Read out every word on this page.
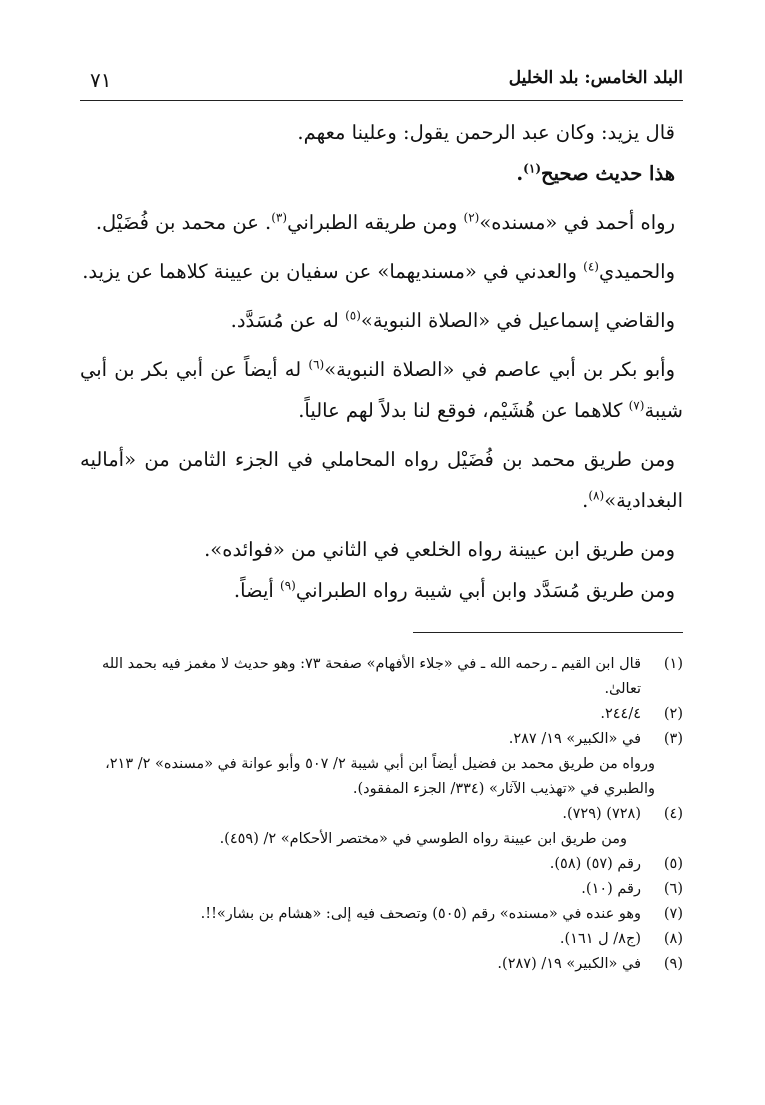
البلد الخامس: بلد الخليل
٧١

قال يزيد: وكان عبد الرحمن يقول: وعلينا معهم.

هذا حديث صحيح$^{(١)}$.

رواه أحمد في «مسنده»$^{(٢)}$ ومن طريقه الطبراني$^{(٣)}$. عن محمد بن فُضَيْل.

والحميدي$^{(٤)}$ والعدني في «مسنديهما» عن سفيان بن عيينة كلاهما عن يزيد.

والقاضي إسماعيل في «الصلاة النبوية»$^{(٥)}$ له عن مُسَدَّد.

وأبو بكر بن أبي عاصم في «الصلاة النبوية»$^{(٦)}$ له أيضاً عن أبي بكر بن أبي شيبة$^{(٧)}$ كلاهما عن هُشَيْم، فوقع لنا بدلاً لهم عالياً.

ومن طريق محمد بن فُضَيْل رواه المحاملي في الجزء الثامن من «أماليه البغدادية»$^{(٨)}$.

ومن طريق ابن عيينة رواه الخلعي في الثاني من «فوائده».

ومن طريق مُسَدَّد وابن أبي شيبة رواه الطبراني$^{(٩)}$ أيضاً.

(١)
قال ابن القيم ـ رحمه الله ـ في «جلاء الأفهام» صفحة ٧٣: وهو حديث لا مغمز فيه بحمد الله تعالىٰ.
(٢)
٢٤٤/٤.
(٣)
في «الكبير» ١٩/ ٢٨٧.
ورواه من طريق محمد بن فضيل أيضاً ابن أبي شيبة ٢/ ٥٠٧ وأبو عوانة في «مسنده» ٢/ ٢١٣، والطبري في «تهذيب الآثار» (٣٣٤/ الجزء المفقود).
(٤)
(٧٢٨) (٧٢٩).
ومن طريق ابن عيينة رواه الطوسي في «مختصر الأحكام» ٢/ (٤٥٩).
(٥)
رقم (٥٧) (٥٨).
(٦)
رقم (١٠).
(٧)
وهو عنده في «مسنده» رقم (٥٠٥) وتصحف فيه إلى: «هشام بن بشار»!!.
(٨)
(ج٨/ ل ١٦١).
(٩)
في «الكبير» ١٩/ (٢٨٧).
